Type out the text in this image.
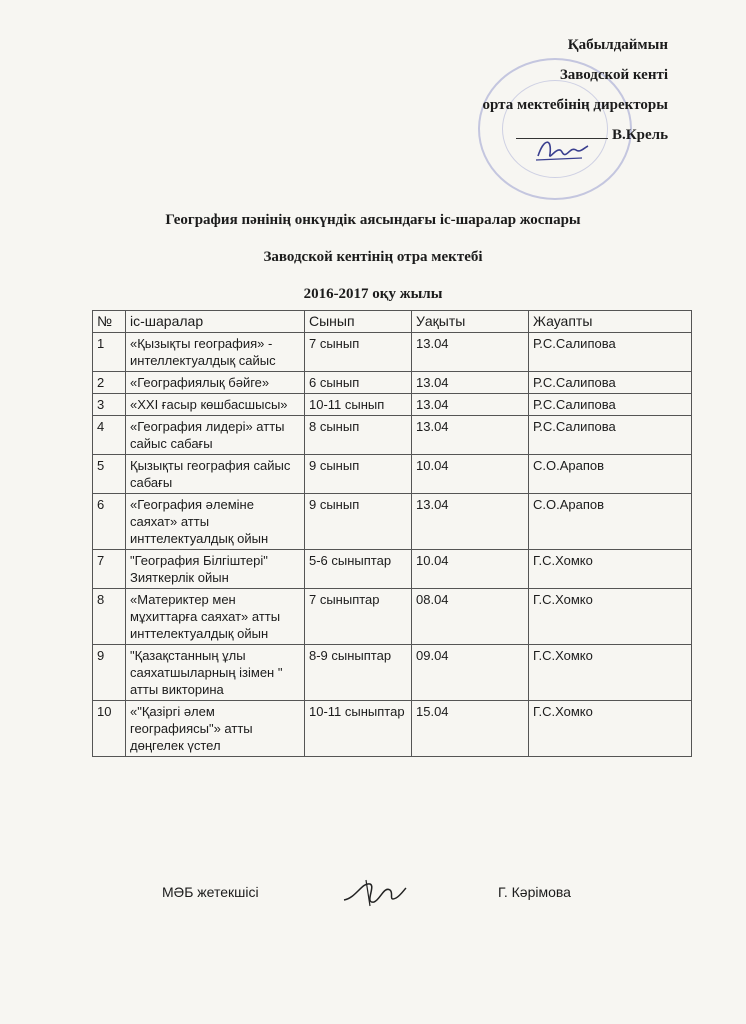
Қабылдаймын
Заводской кенті
орта мектебінің директоры
В.Крель
География пәнінің онкүндік аясындағы іс-шаралар жоспары
Заводской кентінің отра мектебі
2016-2017 оқу жылы
№	іс-шаралар	Сынып	Уақыты	Жауапты
1	«Қызықты география» - интеллектуалдық сайыс	7 сынып	13.04	Р.С.Салипова
2	«Географиялық бәйге»	6 сынып	13.04	Р.С.Салипова
3	«XXI ғасыр көшбасшысы»	10-11 сынып	13.04	Р.С.Салипова
4	«География лидері» атты сайыс сабағы	8 сынып	13.04	Р.С.Салипова
5	Қызықты география сайыс сабағы	9 сынып	10.04	С.О.Арапов
6	«География әлеміне саяхат» атты инттелектуалдық ойын	9 сынып	13.04	С.О.Арапов
7	"География Білгіштері" Зияткерлік ойын	5-6 сыныптар	10.04	Г.С.Хомко
8	«Материктер мен мұхиттарға саяхат» атты инттелектуалдық ойын	7 сыныптар	08.04	Г.С.Хомко
9	"Қазақстанның ұлы саяхатшыларның ізімен " атты викторина	8-9 сыныптар	09.04	Г.С.Хомко
10	«"Қазіргі әлем географиясы"» атты дөңгелек үстел	10-11 сыныптар	15.04	Г.С.Хомко
МӘБ жетекшісі	Г. Кәрімова
